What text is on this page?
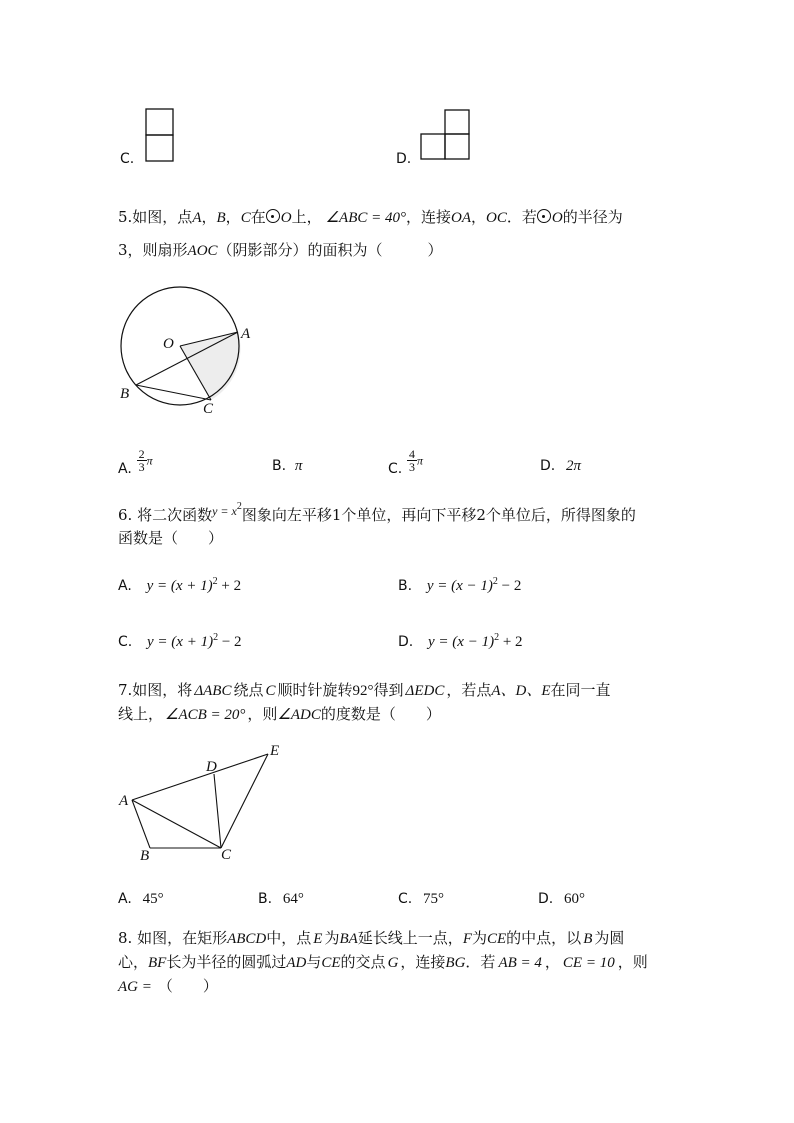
C.	D.
5.如图，点A，B，C在 O上， ∠ABC = 40°，连接OA，OC．若 O的半径为
3，则扇形AOC（阴影部分）的面积为（　　　）
O
A
B
C
A. $\frac{2}{3}$ π	B. π	C. $\frac{4}{3}$ π	D. 2π
6. 将二次函数$^{y = x2}$图象向左平移1个单位，再向下平移2个单位后，所得图象的
函数是（　　）
A. $y = (x + 1)^2 + 2$	B. $y = (x - 1)^2 - 2$
C. $y = (x + 1)^2 - 2$	D. $y = (x - 1)^2 + 2$
7.如图，将 ΔABC 绕点 C 顺时针旋转92°得到 ΔEDC ，若点A、D、E在同一直
线上， ∠ACB = 20° ，则∠ADC的度数是（　　）
A
B	C
D
E
A. 45°	B. 64°	C. 75°	D. 60°
8. 如图，在矩形ABCD中，点 E 为BA延长线上一点，F为CE的中点，以 B 为圆
心，BF长为半径的圆弧过AD与CE的交点 G ，连接BG．若 AB = 4 ， CE = 10 ，则
AG = （　　）
